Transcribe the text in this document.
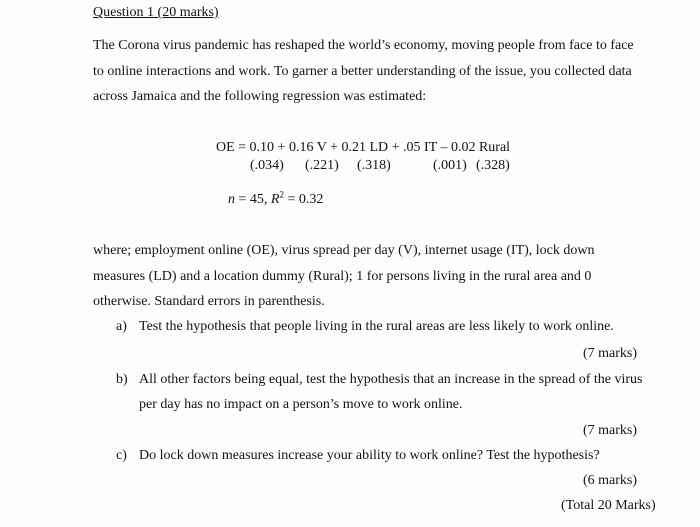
Question 1 (20 marks)
The Corona virus pandemic has reshaped the world’s economy, moving people from face to face
to online interactions and work. To garner a better understanding of the issue, you collected data
across Jamaica and the following regression was estimated:
OE = 0.10 + 0.16 V + 0.21 LD + .05 IT – 0.02 Rural
(.034) (.221) (.318)	(.001) (.328)
n = 45, $R^2 = 0.32$
where; employment online (OE), virus spread per day (V), internet usage (IT), lock down
measures (LD) and a location dummy (Rural); 1 for persons living in the rural area and 0
otherwise. Standard errors in parenthesis.
a) Test the hypothesis that people living in the rural areas are less likely to work online.
(7 marks)
b) All other factors being equal, test the hypothesis that an increase in the spread of the virus
per day has no impact on a person’s move to work online.
(7 marks)
c) Do lock down measures increase your ability to work online? Test the hypothesis?
(6 marks)
(Total 20 Marks)
